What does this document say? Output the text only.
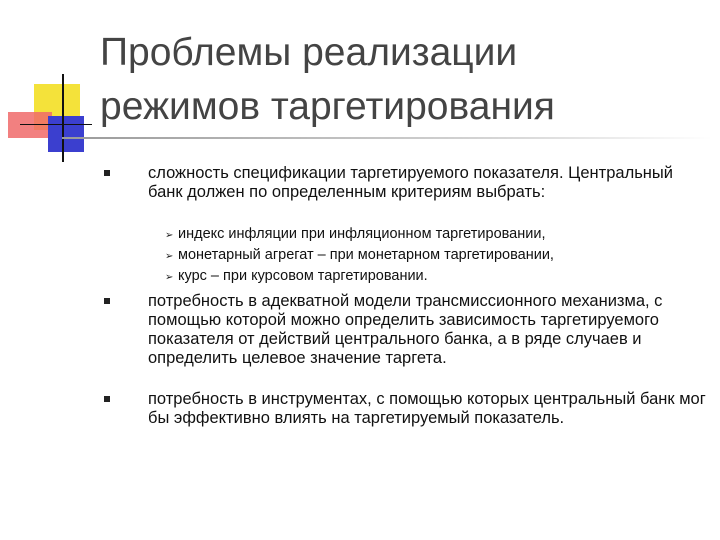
Проблемы реализации
режимов таргетирования
сложность спецификации таргетируемого показателя. Центральный банк должен по определенным критериям выбрать:
➢ индекс инфляции при инфляционном таргетировании,
➢ монетарный агрегат – при монетарном таргетировании,
➢ курс – при курсовом таргетировании.
потребность в адекватной модели трансмиссионного механизма, с помощью которой можно определить зависимость таргетируемого показателя от действий центрального банка, а в ряде случаев и определить целевое значение таргета.
потребность в инструментах, с помощью которых центральный банк мог бы эффективно влиять на таргетируемый показатель.
